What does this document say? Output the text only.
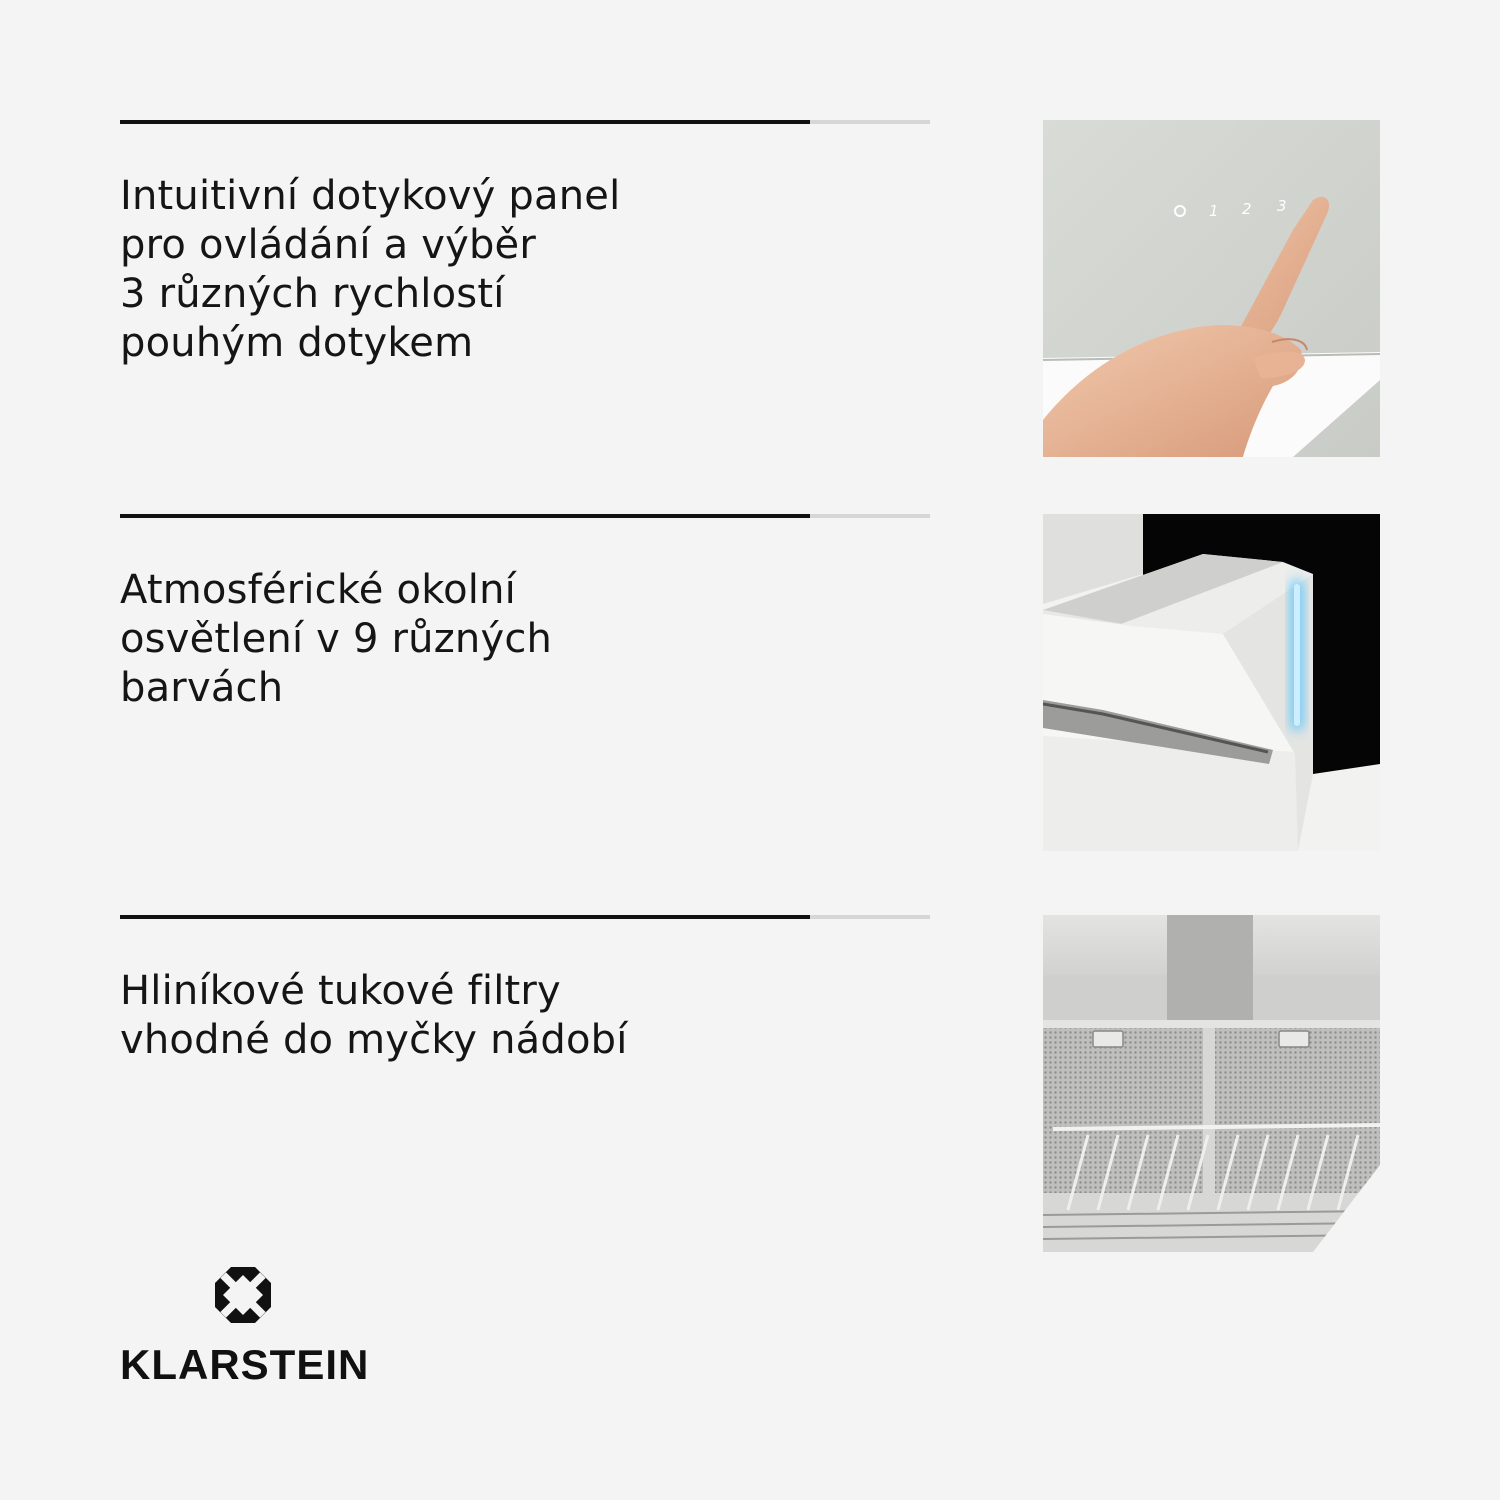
Intuitivní dotykový panel
pro ovládání a výběr
3 různých rychlostí
pouhým dotykem
1 2 3
Atmosférické okolní
osvětlení v 9 různých
barvách
Hliníkové tukové filtry
vhodné do myčky nádobí
KLARSTEIN
